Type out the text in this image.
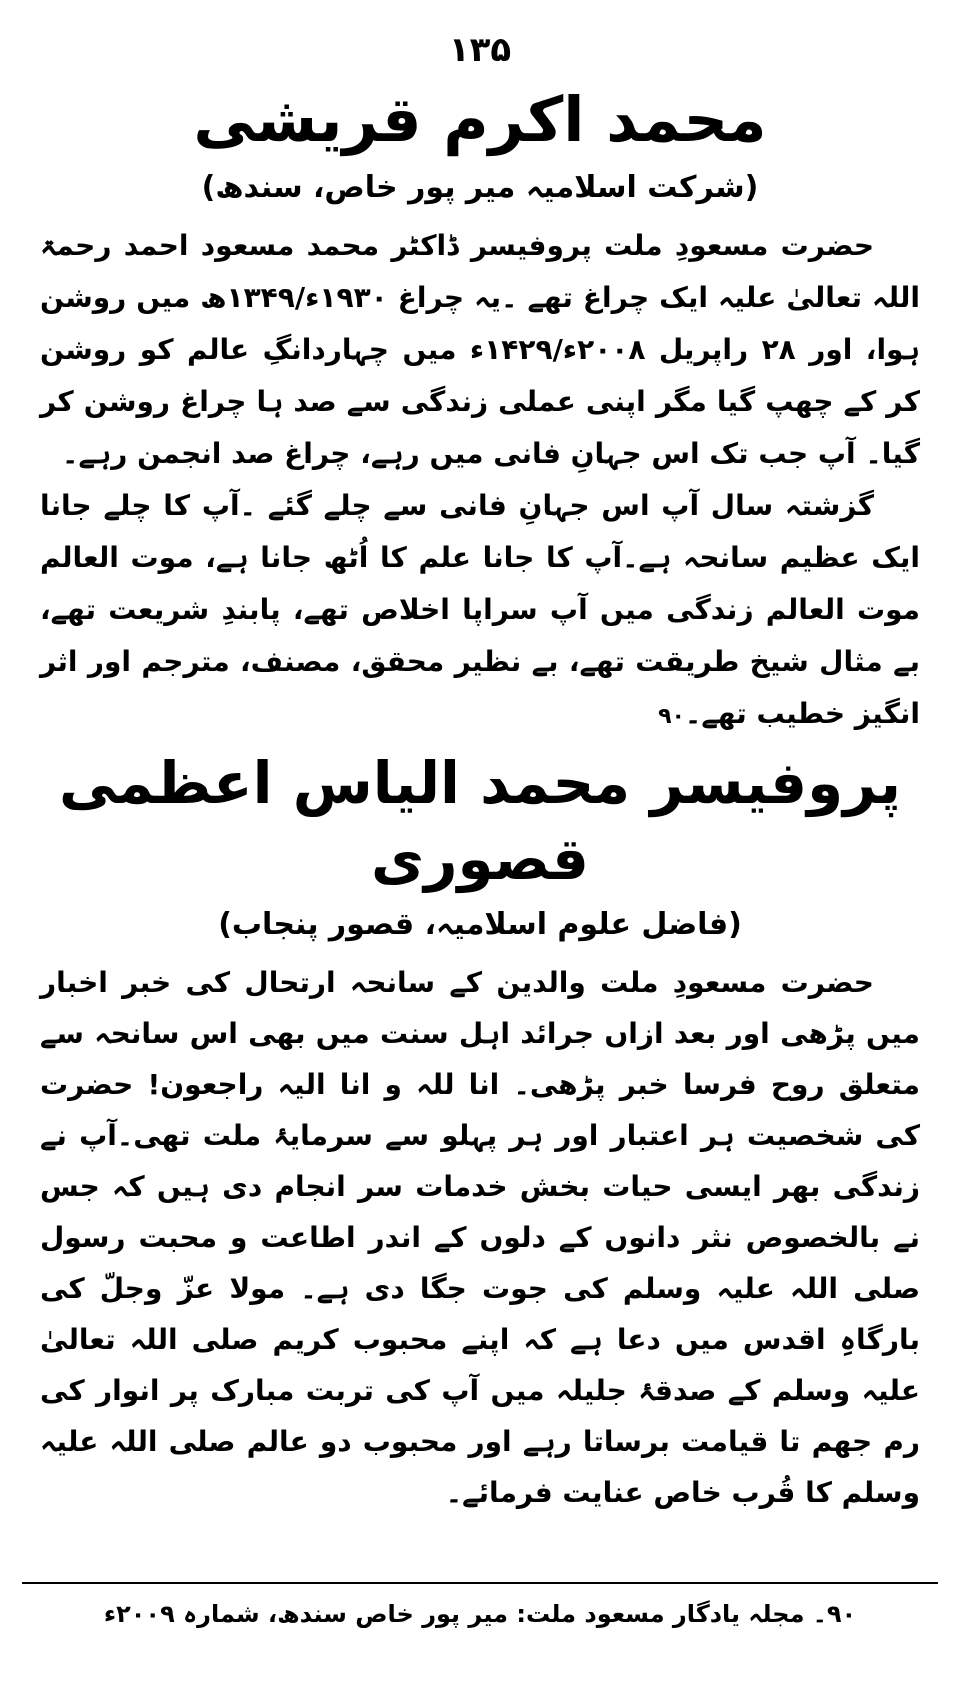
۱۳۵
محمد اکرم قریشی
(شرکت اسلامیہ میر پور خاص، سندھ)

حضرت مسعودِ ملت پروفیسر ڈاکٹر محمد مسعود احمد رحمۃ اللہ تعالیٰ علیہ ایک چراغ تھے ۔یہ چراغ ۱۹۳۰ء/۱۳۴۹ھ میں روشن ہوا، اور ۲۸ راپریل ۲۰۰۸ء/۱۴۲۹ء میں چہاردانگِ عالم کو روشن کر کے چھپ گیا مگر اپنی عملی زندگی سے صد ہا چراغ روشن کر گیا۔ آپ جب تک اس جہانِ فانی میں رہے، چراغ صد انجمن رہے۔

گزشتہ سال آپ اس جہانِ فانی سے چلے گئے ۔آپ کا چلے جانا ایک عظیم سانحہ ہے۔آپ کا جانا علم کا اُٹھ جانا ہے، موت العالم موت العالم زندگی میں آپ سراپا اخلاص تھے، پابندِ شریعت تھے، بے مثال شیخ طریقت تھے، بے نظیر محقق، مصنف، مترجم اور اثر انگیز خطیب تھے۔۹۰

پروفیسر محمد الیاس اعظمی قصوری
(فاضل علوم اسلامیہ، قصور پنجاب)

حضرت مسعودِ ملت والدین کے سانحہ ارتحال کی خبر اخبار میں پڑھی اور بعد ازاں جرائد اہل سنت میں بھی اس سانحہ سے متعلق روح فرسا خبر پڑھی۔ انا للہ و انا الیہ راجعون! حضرت کی شخصیت ہر اعتبار اور ہر پہلو سے سرمایۂ ملت تھی۔آپ نے زندگی بھر ایسی حیات بخش خدمات سر انجام دی ہیں کہ جس نے بالخصوص نثر دانوں کے دلوں کے اندر اطاعت و محبت رسول صلی اللہ علیہ وسلم کی جوت جگا دی ہے۔ مولا عزّ وجلّ کی بارگاہِ اقدس میں دعا ہے کہ اپنے محبوب کریم صلی اللہ تعالیٰ علیہ وسلم کے صدقۂ جلیلہ میں آپ کی تربت مبارک پر انوار کی رم جھم تا قیامت برساتا رہے اور محبوب دو عالم صلی اللہ علیہ وسلم کا قُرب خاص عنایت فرمائے۔

۹۰۔ مجلہ یادگار مسعود ملت: میر پور خاص سندھ، شمارہ ۲۰۰۹ء
